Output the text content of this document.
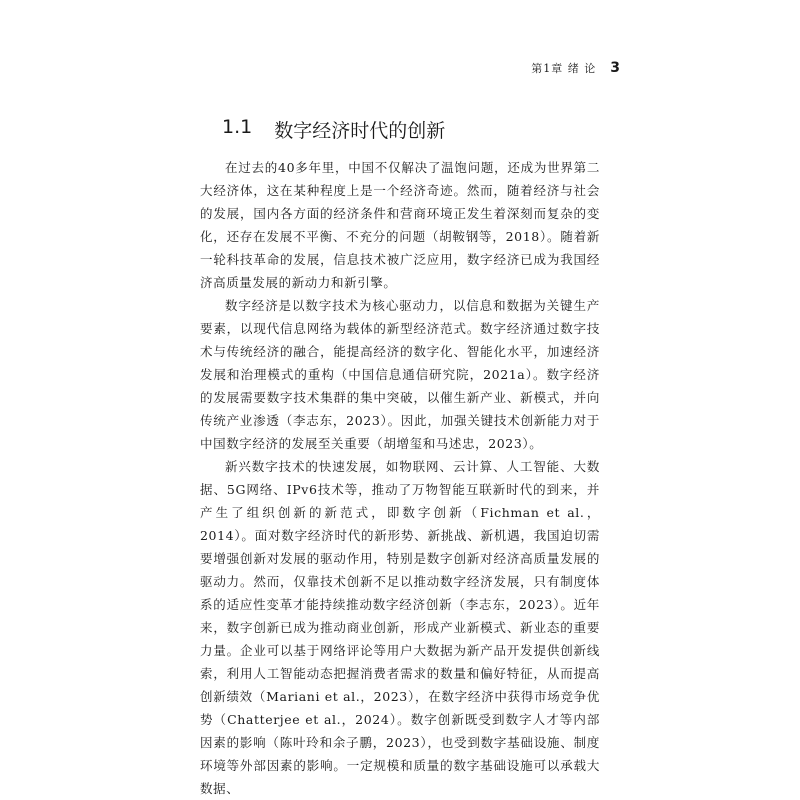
第1章 绪 论 3
1.1 数字经济时代的创新

在过去的40多年里，中国不仅解决了温饱问题，还成为世界第二大经济体，这在某种程度上是一个经济奇迹。然而，随着经济与社会的发展，国内各方面的经济条件和营商环境正发生着深刻而复杂的变化，还存在发展不平衡、不充分的问题（胡鞍钢等，2018）。随着新一轮科技革命的发展，信息技术被广泛应用，数字经济已成为我国经济高质量发展的新动力和新引擎。

数字经济是以数字技术为核心驱动力，以信息和数据为关键生产要素，以现代信息网络为载体的新型经济范式。数字经济通过数字技术与传统经济的融合，能提高经济的数字化、智能化水平，加速经济发展和治理模式的重构（中国信息通信研究院，2021a）。数字经济的发展需要数字技术集群的集中突破，以催生新产业、新模式，并向传统产业渗透（李志东，2023）。因此，加强关键技术创新能力对于中国数字经济的发展至关重要（胡增玺和马述忠，2023）。

新兴数字技术的快速发展，如物联网、云计算、人工智能、大数据、5G网络、IPv6技术等，推动了万物智能互联新时代的到来，并产生了组织创新的新范式，即数字创新（Fichman et al.，2014）。面对数字经济时代的新形势、新挑战、新机遇，我国迫切需要增强创新对发展的驱动作用，特别是数字创新对经济高质量发展的驱动力。然而，仅靠技术创新不足以推动数字经济发展，只有制度体系的适应性变革才能持续推动数字经济创新（李志东，2023）。近年来，数字创新已成为推动商业创新，形成产业新模式、新业态的重要力量。企业可以基于网络评论等用户大数据为新产品开发提供创新线索，利用人工智能动态把握消费者需求的数量和偏好特征，从而提高创新绩效（Mariani et al.，2023），在数字经济中获得市场竞争优势（Chatterjee et al.，2024）。数字创新既受到数字人才等内部因素的影响（陈叶玲和余子鹏，2023），也受到数字基础设施、制度环境等外部因素的影响。一定规模和质量的数字基础设施可以承载大数据、
